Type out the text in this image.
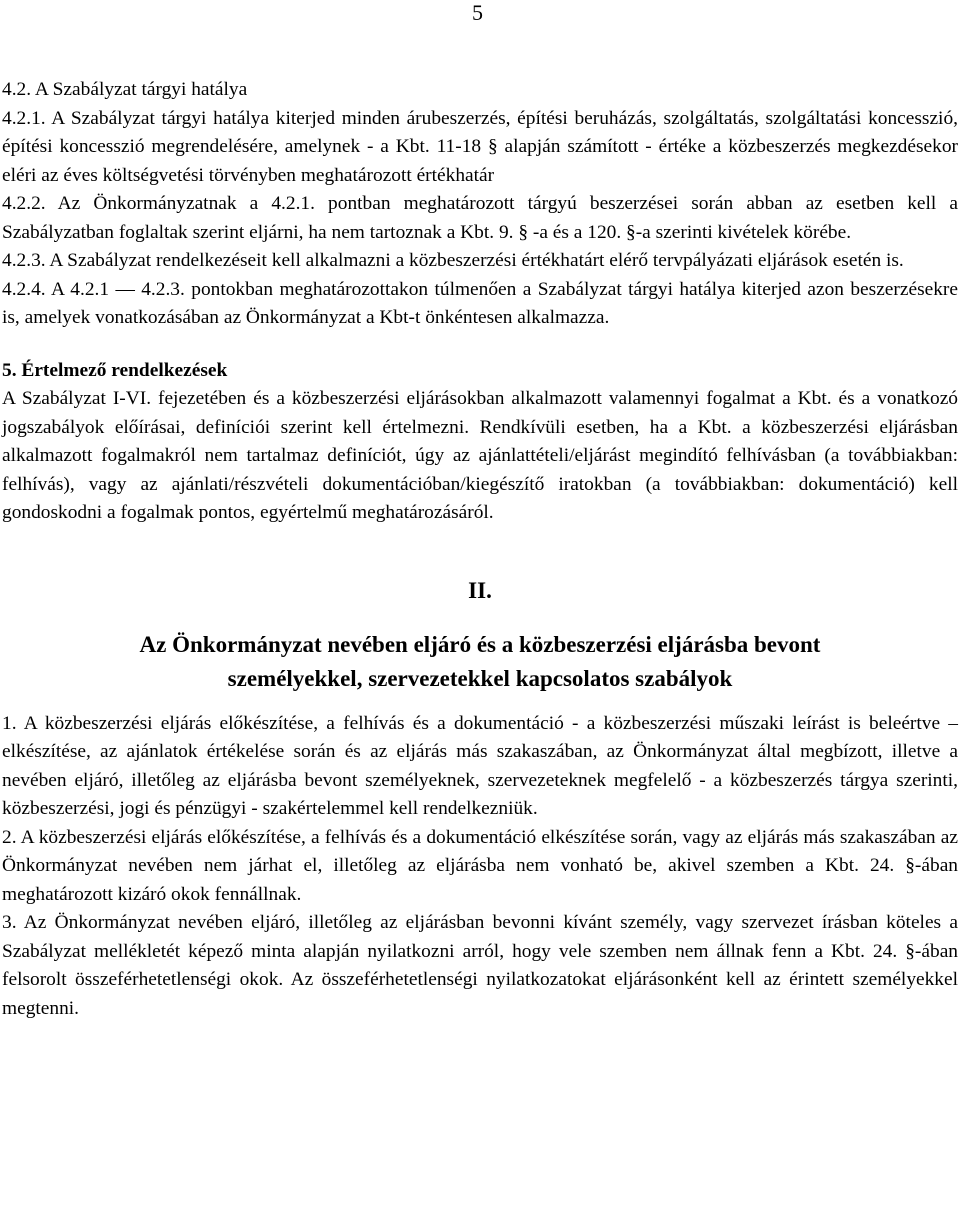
5

4.2. A Szabályzat tárgyi hatálya

4.2.1. A Szabályzat tárgyi hatálya kiterjed minden árubeszerzés, építési beruházás, szolgáltatás, szolgáltatási koncesszió, építési koncesszió megrendelésére, amelynek - a Kbt. 11-18 § alapján számított - értéke a közbeszerzés megkezdésekor eléri az éves költségvetési törvényben meghatározott értékhatár

4.2.2. Az Önkormányzatnak a 4.2.1. pontban meghatározott tárgyú beszerzései során abban az esetben kell a Szabályzatban foglaltak szerint eljárni, ha nem tartoznak a Kbt. 9. § -a és a 120. §-a szerinti kivételek körébe.

4.2.3. A Szabályzat rendelkezéseit kell alkalmazni a közbeszerzési értékhatárt elérő tervpályázati eljárások esetén is.

4.2.4. A 4.2.1 — 4.2.3. pontokban meghatározottakon túlmenően a Szabályzat tárgyi hatálya kiterjed azon beszerzésekre is, amelyek vonatkozásában az Önkormányzat a Kbt-t önkéntesen alkalmazza.

5. Értelmező rendelkezések

A Szabályzat I-VI. fejezetében és a közbeszerzési eljárásokban alkalmazott valamennyi fogalmat a Kbt. és a vonatkozó jogszabályok előírásai, definíciói szerint kell értelmezni. Rendkívüli esetben, ha a Kbt. a közbeszerzési eljárásban alkalmazott fogalmakról nem tartalmaz definíciót, úgy az ajánlattételi/eljárást megindító felhívásban (a továbbiakban: felhívás), vagy az ajánlati/részvételi dokumentációban/kiegészítő iratokban (a továbbiakban: dokumentáció) kell gondoskodni a fogalmak pontos, egyértelmű meghatározásáról.

II.

Az Önkormányzat nevében eljáró és a közbeszerzési eljárásba bevont
személyekkel, szervezetekkel kapcsolatos szabályok

1. A közbeszerzési eljárás előkészítése, a felhívás és a dokumentáció - a közbeszerzési műszaki leírást is beleértve – elkészítése, az ajánlatok értékelése során és az eljárás más szakaszában, az Önkormányzat által megbízott, illetve a nevében eljáró, illetőleg az eljárásba bevont személyeknek, szervezeteknek megfelelő - a közbeszerzés tárgya szerinti, közbeszerzési, jogi és pénzügyi - szakértelemmel kell rendelkezniük.

2. A közbeszerzési eljárás előkészítése, a felhívás és a dokumentáció elkészítése során, vagy az eljárás más szakaszában az Önkormányzat nevében nem járhat el, illetőleg az eljárásba nem vonható be, akivel szemben a Kbt. 24. §-ában meghatározott kizáró okok fennállnak.

3. Az Önkormányzat nevében eljáró, illetőleg az eljárásban bevonni kívánt személy, vagy szervezet írásban köteles a Szabályzat mellékletét képező minta alapján nyilatkozni arról, hogy vele szemben nem állnak fenn a Kbt. 24. §-ában felsorolt összeférhetetlenségi okok. Az összeférhetetlenségi nyilatkozatokat eljárásonként kell az érintett személyekkel megtenni.
